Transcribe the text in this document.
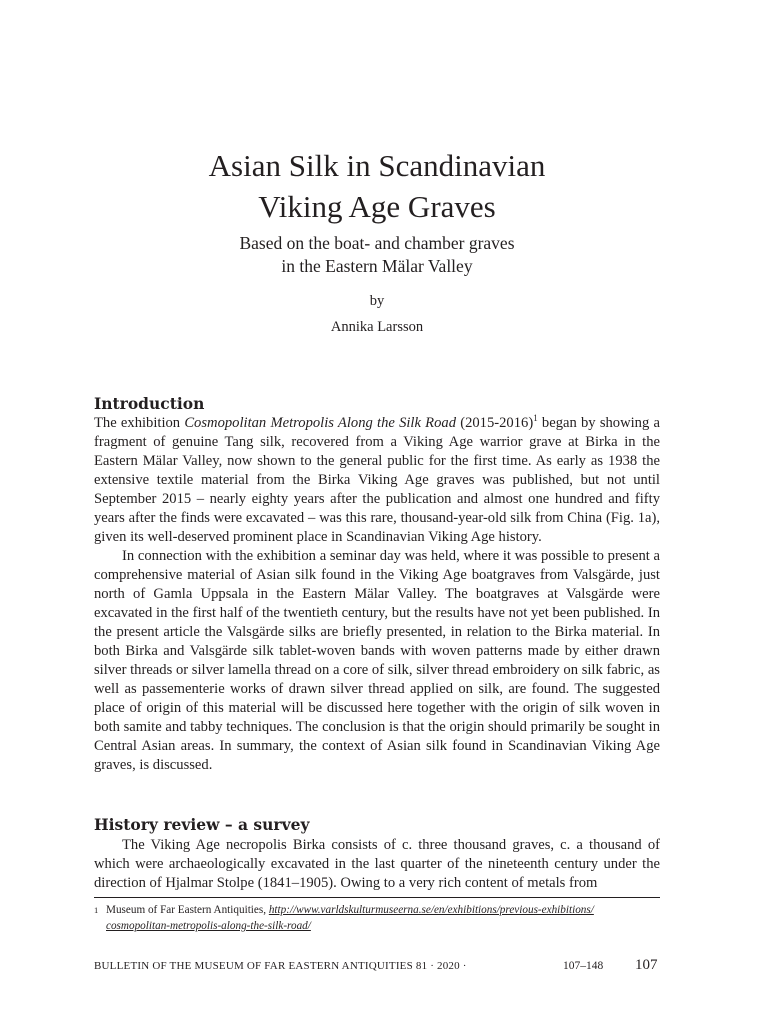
Asian Silk in Scandinavian
Viking Age Graves
Based on the boat- and chamber graves
in the Eastern Mälar Valley
by
Annika Larsson
Introduction

The exhibition Cosmopolitan Metropolis Along the Silk Road (2015-2016)$^1$ began by showing a fragment of genuine Tang silk, recovered from a Viking Age warrior grave at Birka in the Eastern Mälar Valley, now shown to the general public for the first time. As early as 1938 the extensive textile material from the Birka Viking Age graves was published, but not until September 2015 – nearly eighty years after the publication and almost one hundred and fifty years after the finds were excavated – was this rare, thousand-year-old silk from China (Fig. 1a), given its well-deserved prominent place in Scandinavian Viking Age history.

In connection with the exhibition a seminar day was held, where it was possible to present a comprehensive material of Asian silk found in the Viking Age boatgraves from Valsgärde, just north of Gamla Uppsala in the Eastern Mälar Valley. The boatgraves at Valsgärde were excavated in the first half of the twentieth century, but the results have not yet been published. In the present article the Valsgärde silks are briefly presented, in relation to the Birka material. In both Birka and Valsgärde silk tablet-woven bands with woven patterns made by either drawn silver threads or silver lamella thread on a core of silk, silver thread embroidery on silk fabric, as well as passementerie works of drawn silver thread applied on silk, are found. The suggested place of origin of this material will be discussed here together with the origin of silk woven in both samite and tabby techniques. The conclusion is that the origin should primarily be sought in Central Asian areas. In summary, the context of Asian silk found in Scandinavian Viking Age graves, is discussed.

History review – a survey

The Viking Age necropolis Birka consists of c. three thousand graves, c. a thousand of which were archaeologically excavated in the last quarter of the nineteenth century under the direction of Hjalmar Stolpe (1841–1905). Owing to a very rich content of metals from

1 Museum of Far Eastern Antiquities, http://www.varldskulturmuseerna.se/en/exhibitions/previous-exhibitions/
cosmopolitan-metropolis-along-the-silk-road/
BULLETIN OF THE MUSEUM OF FAR EASTERN ANTIQUITIES 81 · 2020 ·	107–148 107
